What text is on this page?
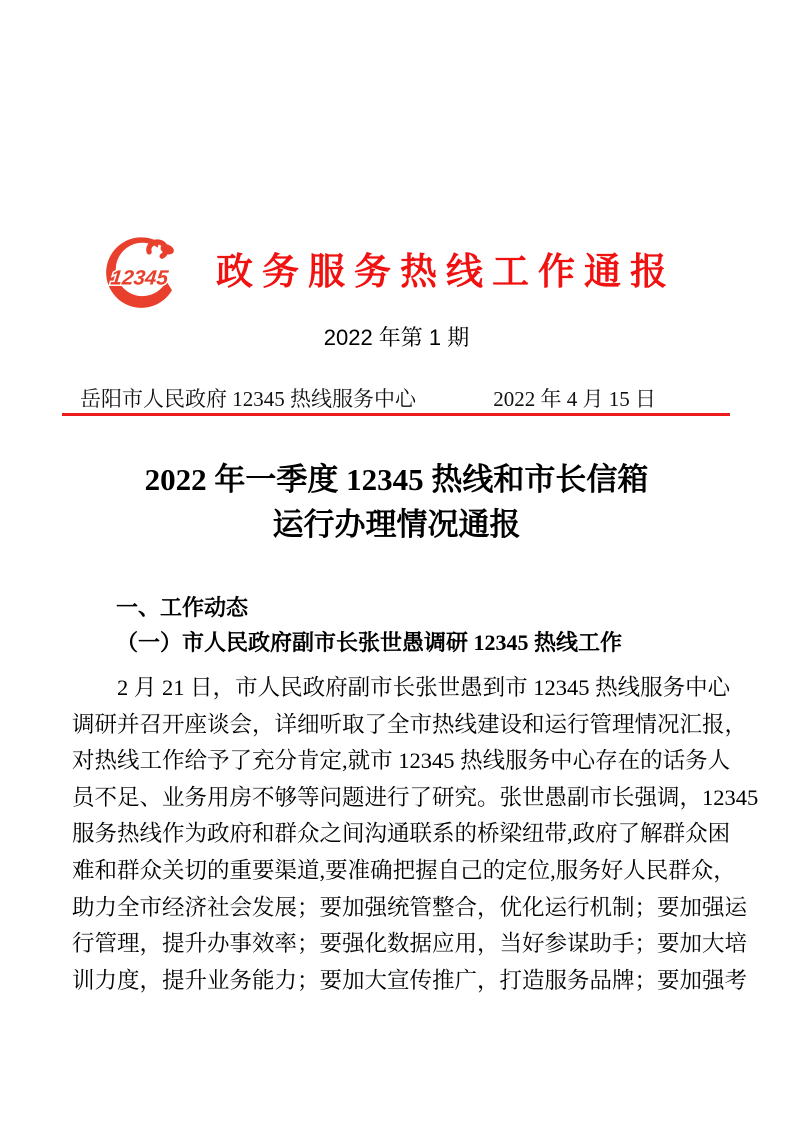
12345 政务服务热线工作通报
2022 年第 1 期
岳阳市人民政府 12345 热线服务中心	2022 年 4 月 15 日
2022 年一季度 12345 热线和市长信箱
运行办理情况通报
一、工作动态
（一）市人民政府副市长张世愚调研 12345 热线工作
2 月 21 日，市人民政府副市长张世愚到市 12345 热线服务中心
调研并召开座谈会，详细听取了全市热线建设和运行管理情况汇报，
对热线工作给予了充分肯定,就市 12345 热线服务中心存在的话务人
员不足、业务用房不够等问题进行了研究。张世愚副市长强调，12345
服务热线作为政府和群众之间沟通联系的桥梁纽带,政府了解群众困
难和群众关切的重要渠道,要准确把握自己的定位,服务好人民群众，
助力全市经济社会发展；要加强统管整合，优化运行机制；要加强运
行管理，提升办事效率；要强化数据应用，当好参谋助手；要加大培
训力度，提升业务能力；要加大宣传推广，打造服务品牌；要加强考
